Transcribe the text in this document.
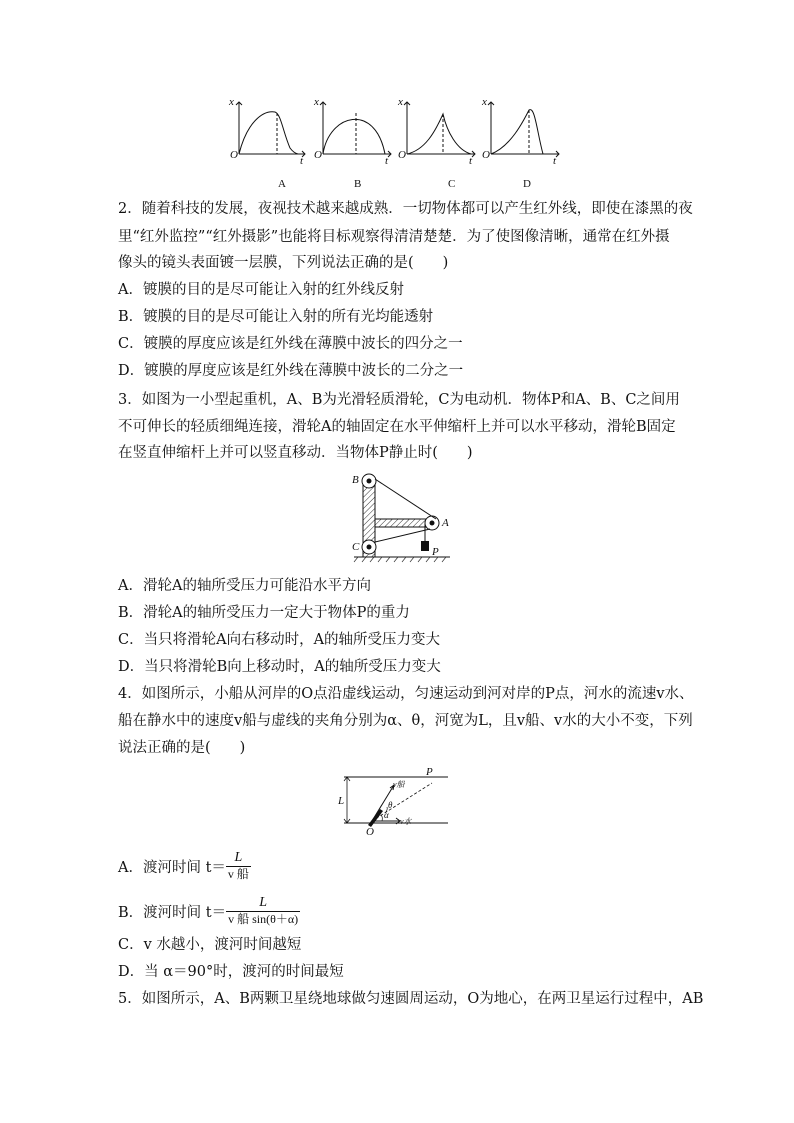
x
O	t
x
O	t
x
O	t
x
O	t
A	B	C	D
2．随着科技的发展，夜视技术越来越成熟．一切物体都可以产生红外线，即使在漆黑的夜
里“红外监控”“红外摄影”也能将目标观察得清清楚楚．为了使图像清晰，通常在红外摄
像头的镜头表面镀一层膜，下列说法正确的是(　　)
A．镀膜的目的是尽可能让入射的红外线反射
B．镀膜的目的是尽可能让入射的所有光均能透射
C．镀膜的厚度应该是红外线在薄膜中波长的四分之一
D．镀膜的厚度应该是红外线在薄膜中波长的二分之一
3．如图为一小型起重机，A、B为光滑轻质滑轮，C为电动机．物体P和A、B、C之间用
不可伸长的轻质细绳连接，滑轮A的轴固定在水平伸缩杆上并可以水平移动，滑轮B固定
在竖直伸缩杆上并可以竖直移动．当物体P静止时(　　)
B
A
C	P
A．滑轮A的轴所受压力可能沿水平方向
B．滑轮A的轴所受压力一定大于物体P的重力
C．当只将滑轮A向右移动时，A的轴所受压力变大
D．当只将滑轮B向上移动时，A的轴所受压力变大
4．如图所示，小船从河岸的O点沿虚线运动，匀速运动到河对岸的P点，河水的流速v水、
船在静水中的速度v船与虚线的夹角分别为α、θ，河宽为L，且v船、v水的大小不变，下列
说法正确的是(　　)
P
L
O
v船
v水
θ
α
A．渡河时间 $t= \frac{L}{\text{v 船}}$
B．渡河时间 $t= \frac{L}{\text{v 船 sin(θ＋α)}}$
C．v 水越小，渡河时间越短
D．当 α＝90°时，渡河的时间最短
5．如图所示，A、B两颗卫星绕地球做匀速圆周运动，O为地心，在两卫星运行过程中，AB
